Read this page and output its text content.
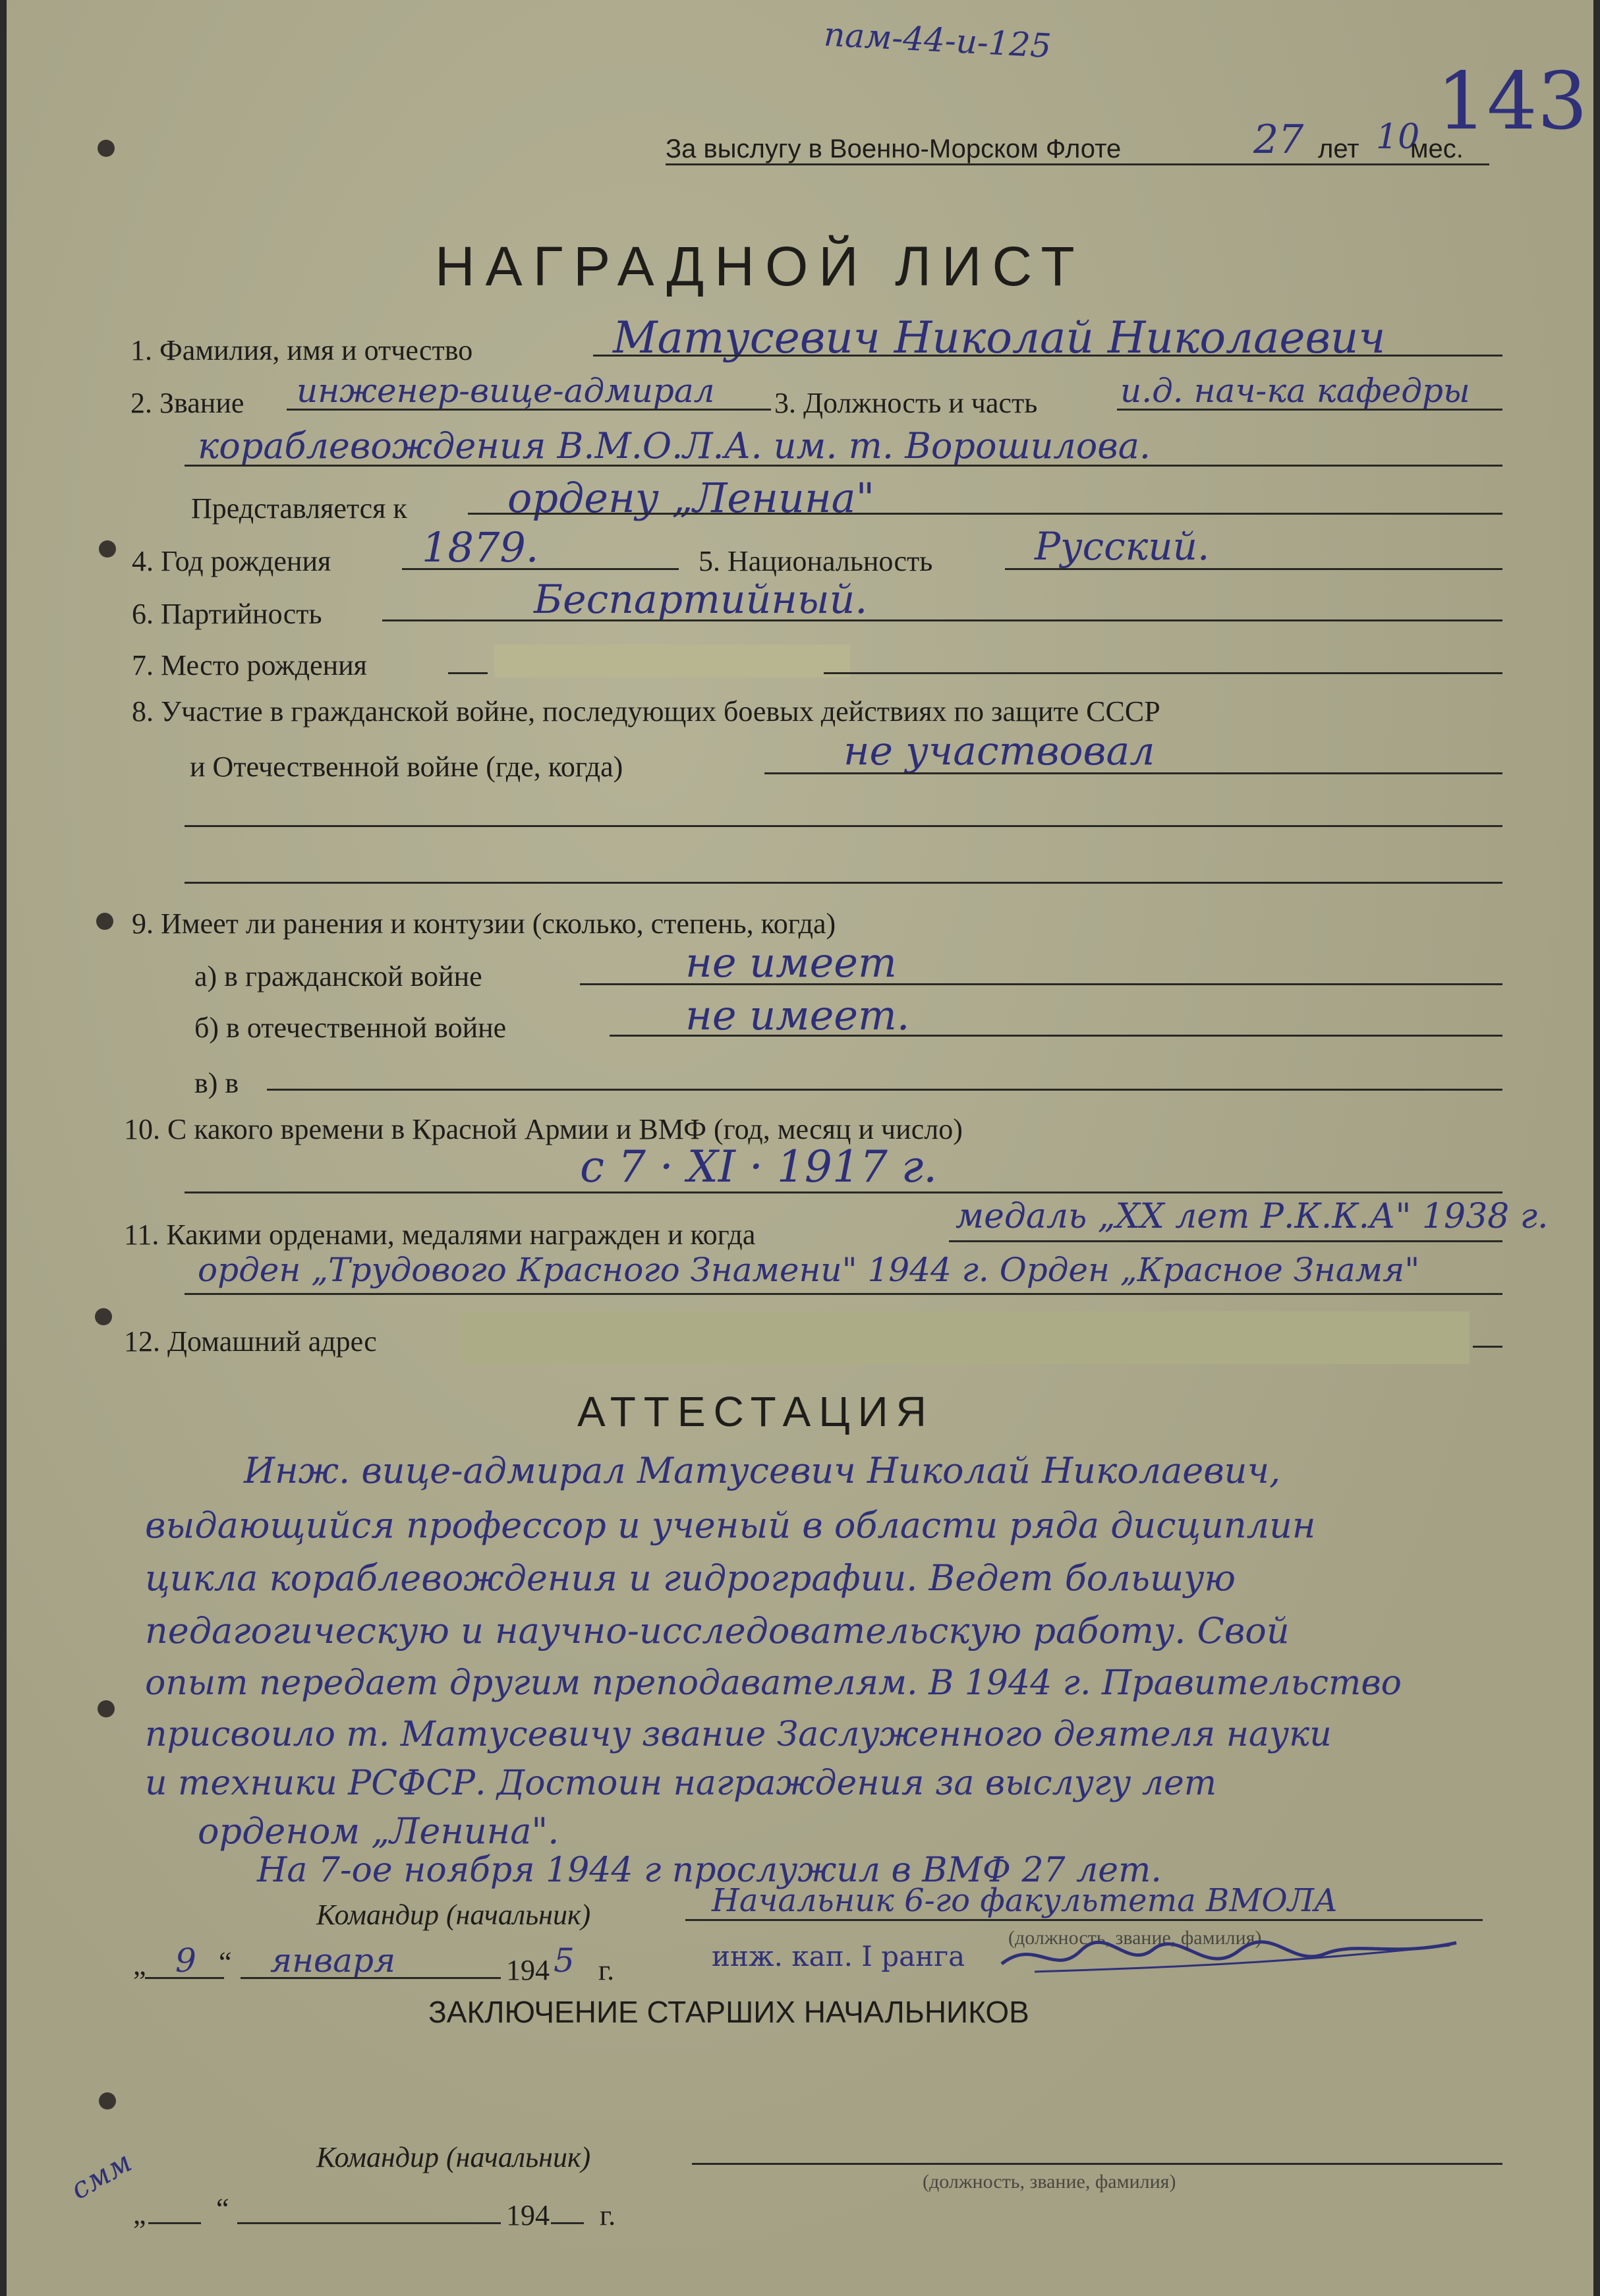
пам-44-и-125
143
За выслугу в Военно-Морском Флоте	27 лет 10
мес.
НАГРАДНОЙ ЛИСТ
1. Фамилия, имя и отчество	Матусевич Николай Николаевич
2. Звание инженер-вице-адмирал 3. Должность и часть	и.д. нач-ка кафедры
кораблевождения В.М.О.Л.А. им. т. Ворошилова.
Представляется к ордену „Ленина"
4. Год рождения 1879.	5. Национальность	Русский.
6. Партийность	Беспартийный.
7. Место рождения
8. Участие в гражданской войне, последующих боевых действиях по защите СССР
и Отечественной войне (где, когда)	не участвовал
9. Имеет ли ранения и контузии (сколько, степень, когда)
а) в гражданской войне	не имеет
б) в отечественной войне	не имеет.
в) в
10. С какого времени в Красной Армии и ВМФ (год, месяц и число)
с 7 · XI · 1917 г.
11. Какими орденами, медалями награжден и когда	медаль „XX лет Р.К.К.А" 1938 г.
орден „Трудового Красного Знамени" 1944 г. Орден „Красное Знамя"
12. Домашний адрес
АТТЕСТАЦИЯ
Инж. вице-адмирал Матусевич Николай Николаевич,
выдающийся профессор и ученый в области ряда дисциплин
цикла кораблевождения и гидрографии. Ведет большую
педагогическую и научно-исследовательскую работу. Свой
опыт передает другим преподавателям. В 1944 г. Правительство
присвоило т. Матусевичу звание Заслуженного деятеля науки
и техники РСФСР. Достоин награждения за выслугу лет
орденом „Ленина".
На 7-ое ноября 1944 г прослужил в ВМФ 27 лет.
Командир (начальник)	Начальник 6-го факультета ВМОЛА
(должность, звание, фамилия)
„ 9 “ января	194 5 г.	инж. кап. I ранга
ЗАКЛЮЧЕНИЕ СТАРШИХ НАЧАЛЬНИКОВ
Командир (начальник)
(должность, звание, фамилия)
„ “	194 г.
смм
